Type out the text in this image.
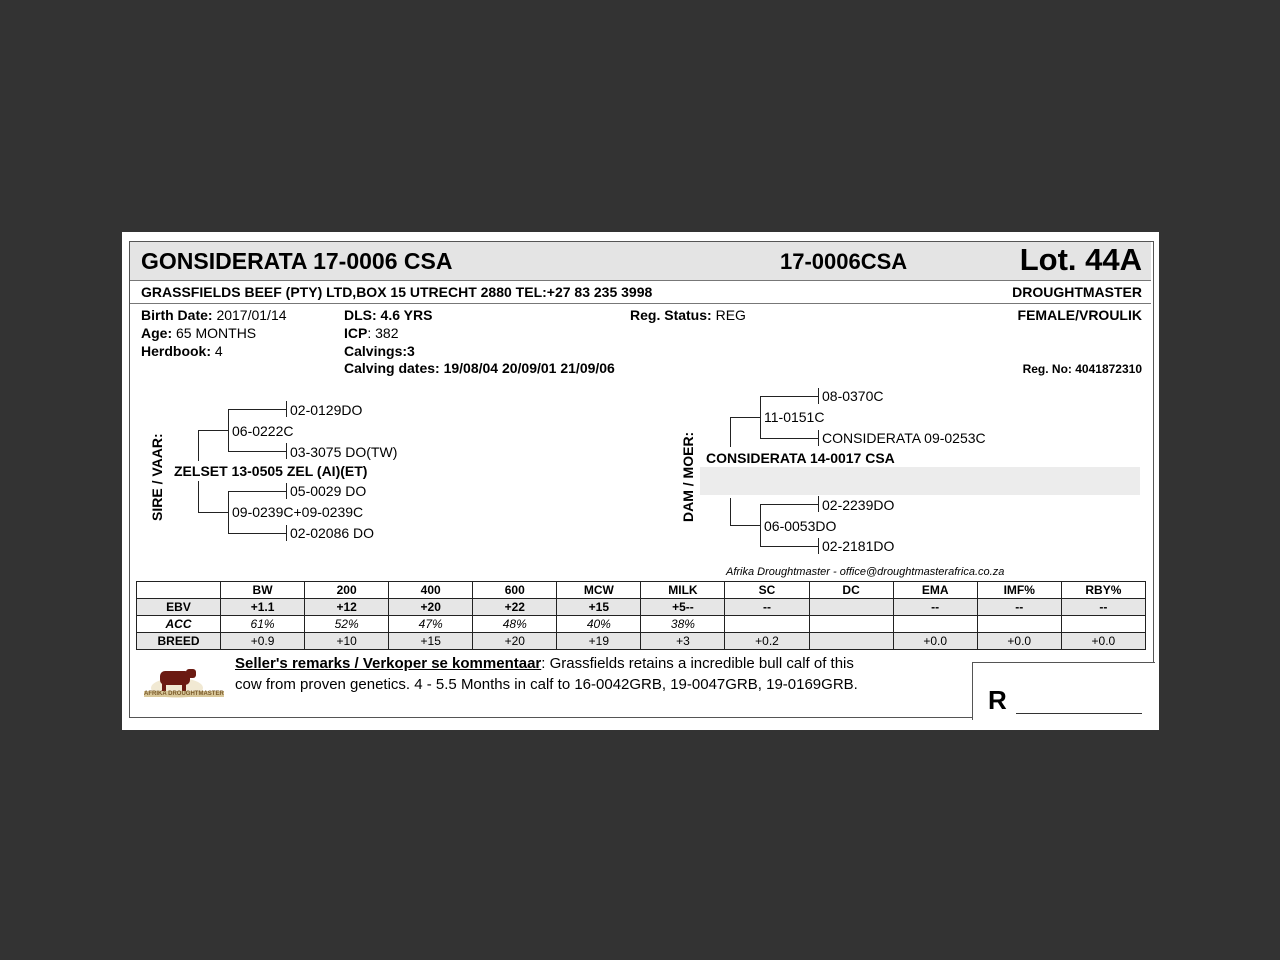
GONSIDERATA 17-0006 CSA	17-0006CSA	Lot. 44A
GRASSFIELDS BEEF (PTY) LTD,BOX 15 UTRECHT 2880 TEL:+27 83 235 3998	DROUGHTMASTER
Birth Date: 2017/01/14
Age: 65 MONTHS
Herdbook: 4
DLS: 4.6 YRS
ICP: 382
Calvings:3
Calving dates: 19/08/04 20/09/01 21/09/06
Reg. Status: REG	FEMALE/VROULIK
Reg. No: 4041872310
SIRE / VAAR: ZELSET 13-0505 ZEL (AI)(ET)
06-0222C
02-0129DO
03-3075 DO(TW)
09-0239C+09-0239C
05-0029 DO
02-02086 DO
DAM / MOER: CONSIDERATA 14-0017 CSA
11-0151C
08-0370C
CONSIDERATA 09-0253C
06-0053DO
02-2239DO
02-2181DO
Afrika Droughtmaster - office@droughtmasterafrica.co.za
	BW	200	400	600	MCW	MILK	SC	DC	EMA	IMF%	RBY%
EBV	+1.1	+12	+20	+22	+15	+5--	--		--	--	--
ACC	61%	52%	47%	48%	40%	38%					
BREED	+0.9	+10	+15	+20	+19	+3	+0.2		+0.0	+0.0	+0.0
AFRIKA DROUGHTMASTER
Seller's remarks / Verkoper se kommentaar: Grassfields retains a incredible bull calf of this
cow from proven genetics. 4 - 5.5 Months in calf to 16-0042GRB, 19-0047GRB, 19-0169GRB.
R
